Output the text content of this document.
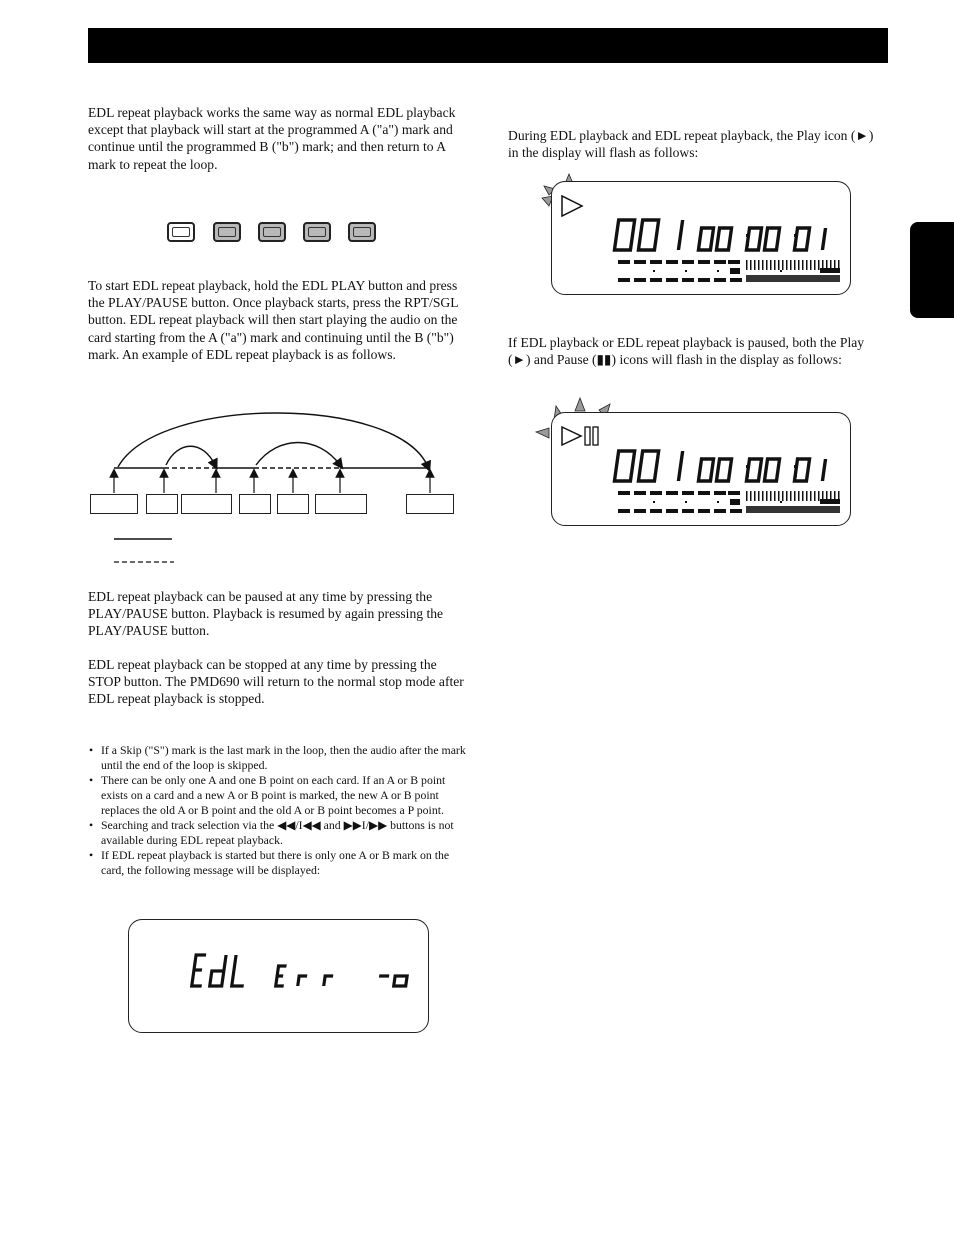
EDL repeat playback works the same way as normal EDL playback except that playback will start at the programmed A ("a") mark and continue until the programmed B ("b") mark; and then return to A mark to repeat the loop.

To start EDL repeat playback, hold the EDL PLAY button and press the PLAY/PAUSE button. Once playback starts, press the RPT/SGL button. EDL repeat playback will then start playing the audio on the card starting from the A ("a") mark and continuing until the B ("b") mark. An example of EDL repeat playback is as follows.

EDL repeat playback can be paused at any time by pressing the PLAY/PAUSE button. Playback is resumed by again pressing the PLAY/PAUSE button.

EDL repeat playback can be stopped at any time by pressing the STOP button. The PMD690 will return to the normal stop mode after EDL repeat playback is stopped.

• If a Skip ("S") mark is the last mark in the loop, then the audio after the mark until the end of the loop is skipped.
• There can be only one A and one B point on each card. If an A or B point exists on a card and a new A or B point is marked, the new A or B point replaces the old A or B point and the old A or B point becomes a P point.
• Searching and track selection via the ◀◀/I◀◀ and ▶▶I/▶▶ buttons is not available during EDL repeat playback.
• If EDL repeat playback is started but there is only one A or B mark on the card, the following message will be displayed:

During EDL playback and EDL repeat playback, the Play icon (►) in the display will flash as follows:

If EDL playback or EDL repeat playback is paused, both the Play (►) and Pause (▮▮) icons will flash in the display as follows:
